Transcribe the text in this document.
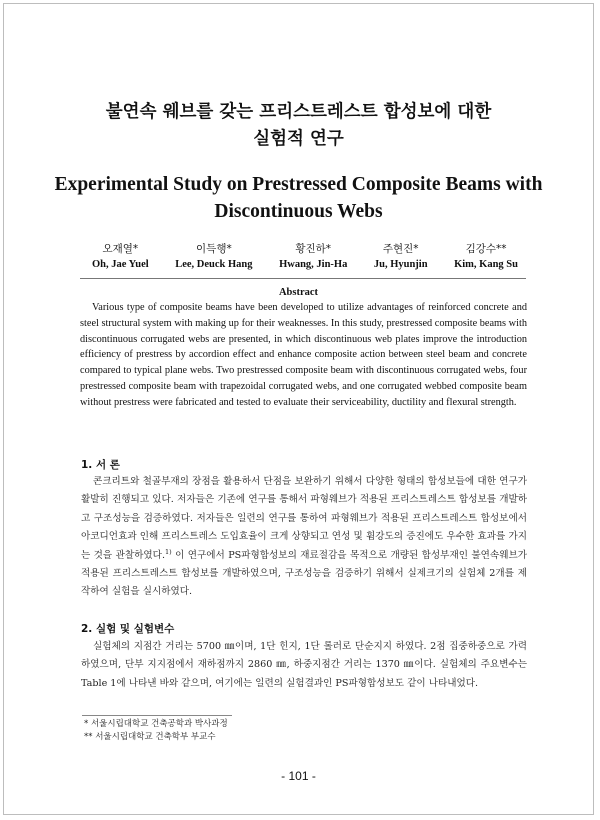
불연속 웨브를 갖는 프리스트레스트 합성보에 대한
실험적 연구
Experimental Study on Prestressed Composite Beams with
Discontinuous Webs
오재열*
Oh, Jae Yuel
이득행*
Lee, Deuck Hang
황진하*
Hwang, Jin-Ha
주현진*
Ju, Hyunjin
김강수**
Kim, Kang Su
Abstract
Various type of composite beams have been developed to utilize advantages of reinforced concrete and steel structural system with making up for their weaknesses. In this study, prestressed composite beams with discontinuous corrugated webs are presented, in which discontinuous web plates improve the introduction efficiency of prestress by accordion effect and enhance composite action between steel beam and concrete compared to typical plane webs. Two prestressed composite beam with discontinuous corrugated webs, four prestressed composite beam with trapezoidal corrugated webs, and one corrugated webbed composite beam without prestress were fabricated and tested to evaluate their serviceability, ductility and flexural strength.
1. 서 론
콘크리트와 철골부재의 장점을 활용하서 단점을 보완하기 위해서 다양한 형태의 합성보들에 대한 연구가 활발히 진행되고 있다. 저자들은 기존에 연구를 통해서 파형웨브가 적용된 프리스트레스트 합성보를 개발하고 구조성능을 검증하였다. 저자들은 일련의 연구를 통하여 파형웨브가 적용된 프리스트레스트 합성보에서 아코디언효과 인해 프리스트레스 도입효율이 크게 상향되고 연성 및 휨강도의 증진에도 우수한 효과를 가지는 것을 관찰하였다.$^{1)}$ 이 연구에서 PS파형합성보의 재료절감을 목적으로 개량된 합성부재인 불연속웨브가 적용된 프리스트레스트 합성보를 개발하였으며, 구조성능을 검증하기 위해서 실제크기의 실험체 2개를 제작하여 실험을 실시하였다.
2. 실험 및 실험변수
실험체의 지점간 거리는 5700 ㎜이며, 1단 힌지, 1단 롤러로 단순지지 하였다. 2점 집중하중으로 가력하였으며, 단부 지지점에서 재하점까지 2860 ㎜, 하중지점간 거리는 1370 ㎜이다. 실험체의 주요변수는 Table 1에 나타낸 바와 같으며, 여기에는 일련의 실험결과인 PS파형합성보도 같이 나타내었다.
* 서울시립대학교 건축공학과 박사과정
** 서울시립대학교 건축학부 부교수
- 101 -
